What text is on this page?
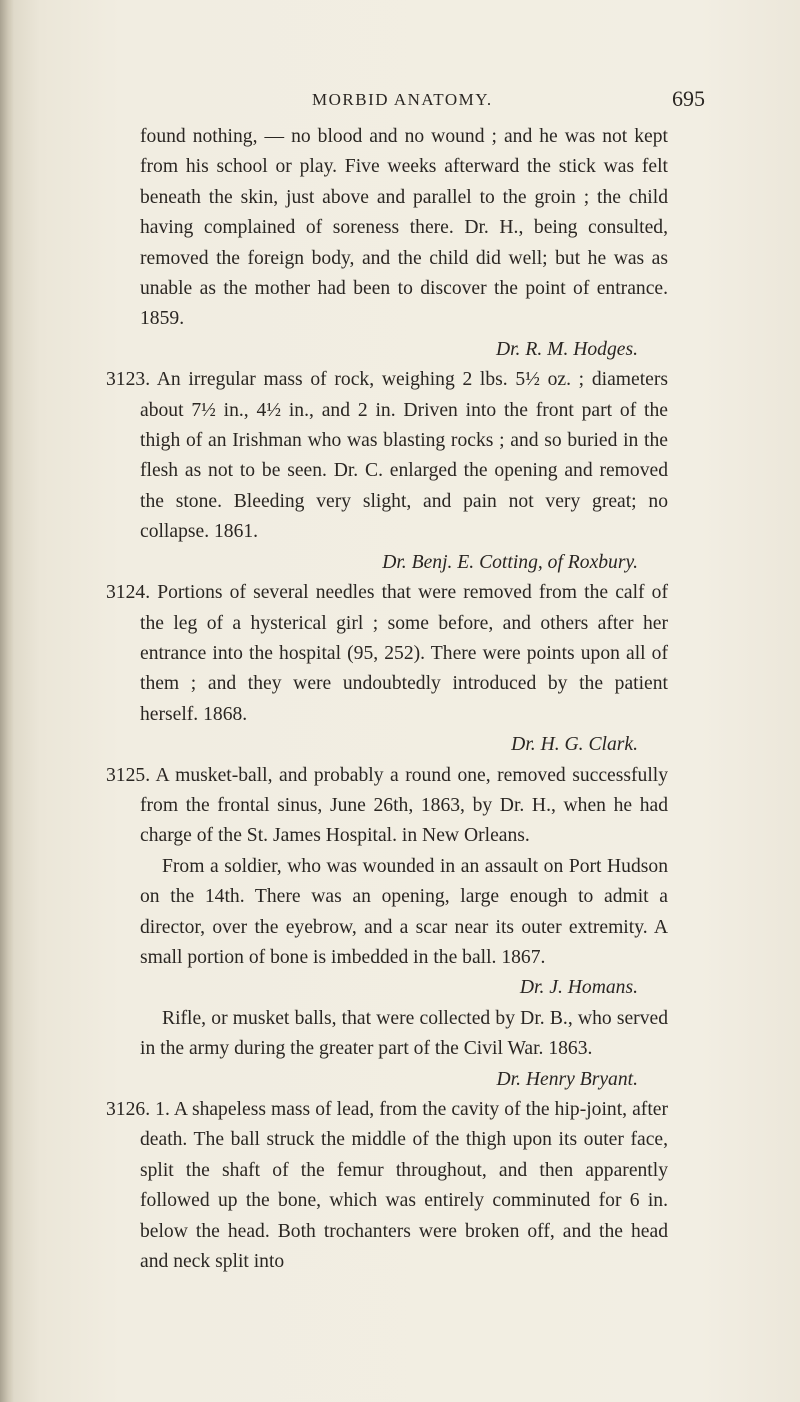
MORBID ANATOMY.	695

found nothing, — no blood and no wound ; and he was not kept from his school or play. Five weeks afterward the stick was felt beneath the skin, just above and parallel to the groin ; the child having complained of soreness there. Dr. H., being consulted, removed the foreign body, and the child did well; but he was as unable as the mother had been to discover the point of entrance. 1859.

Dr. R. M. Hodges.

3123. An irregular mass of rock, weighing 2 lbs. 5½ oz. ; diameters about 7½ in., 4½ in., and 2 in. Driven into the front part of the thigh of an Irishman who was blasting rocks ; and so buried in the flesh as not to be seen. Dr. C. enlarged the opening and removed the stone. Bleeding very slight, and pain not very great; no collapse. 1861.

Dr. Benj. E. Cotting, of Roxbury.

3124. Portions of several needles that were removed from the calf of the leg of a hysterical girl ; some before, and others after her entrance into the hospital (95, 252). There were points upon all of them ; and they were undoubtedly introduced by the patient herself. 1868.

Dr. H. G. Clark.

3125. A musket-ball, and probably a round one, removed successfully from the frontal sinus, June 26th, 1863, by Dr. H., when he had charge of the St. James Hospital. in New Orleans.

From a soldier, who was wounded in an assault on Port Hudson on the 14th. There was an opening, large enough to admit a director, over the eyebrow, and a scar near its outer extremity. A small portion of bone is imbedded in the ball. 1867.

Dr. J. Homans.

Rifle, or musket balls, that were collected by Dr. B., who served in the army during the greater part of the Civil War. 1863.

Dr. Henry Bryant.

3126. 1. A shapeless mass of lead, from the cavity of the hip-joint, after death. The ball struck the middle of the thigh upon its outer face, split the shaft of the femur throughout, and then apparently followed up the bone, which was entirely comminuted for 6 in. below the head. Both trochanters were broken off, and the head and neck split into
